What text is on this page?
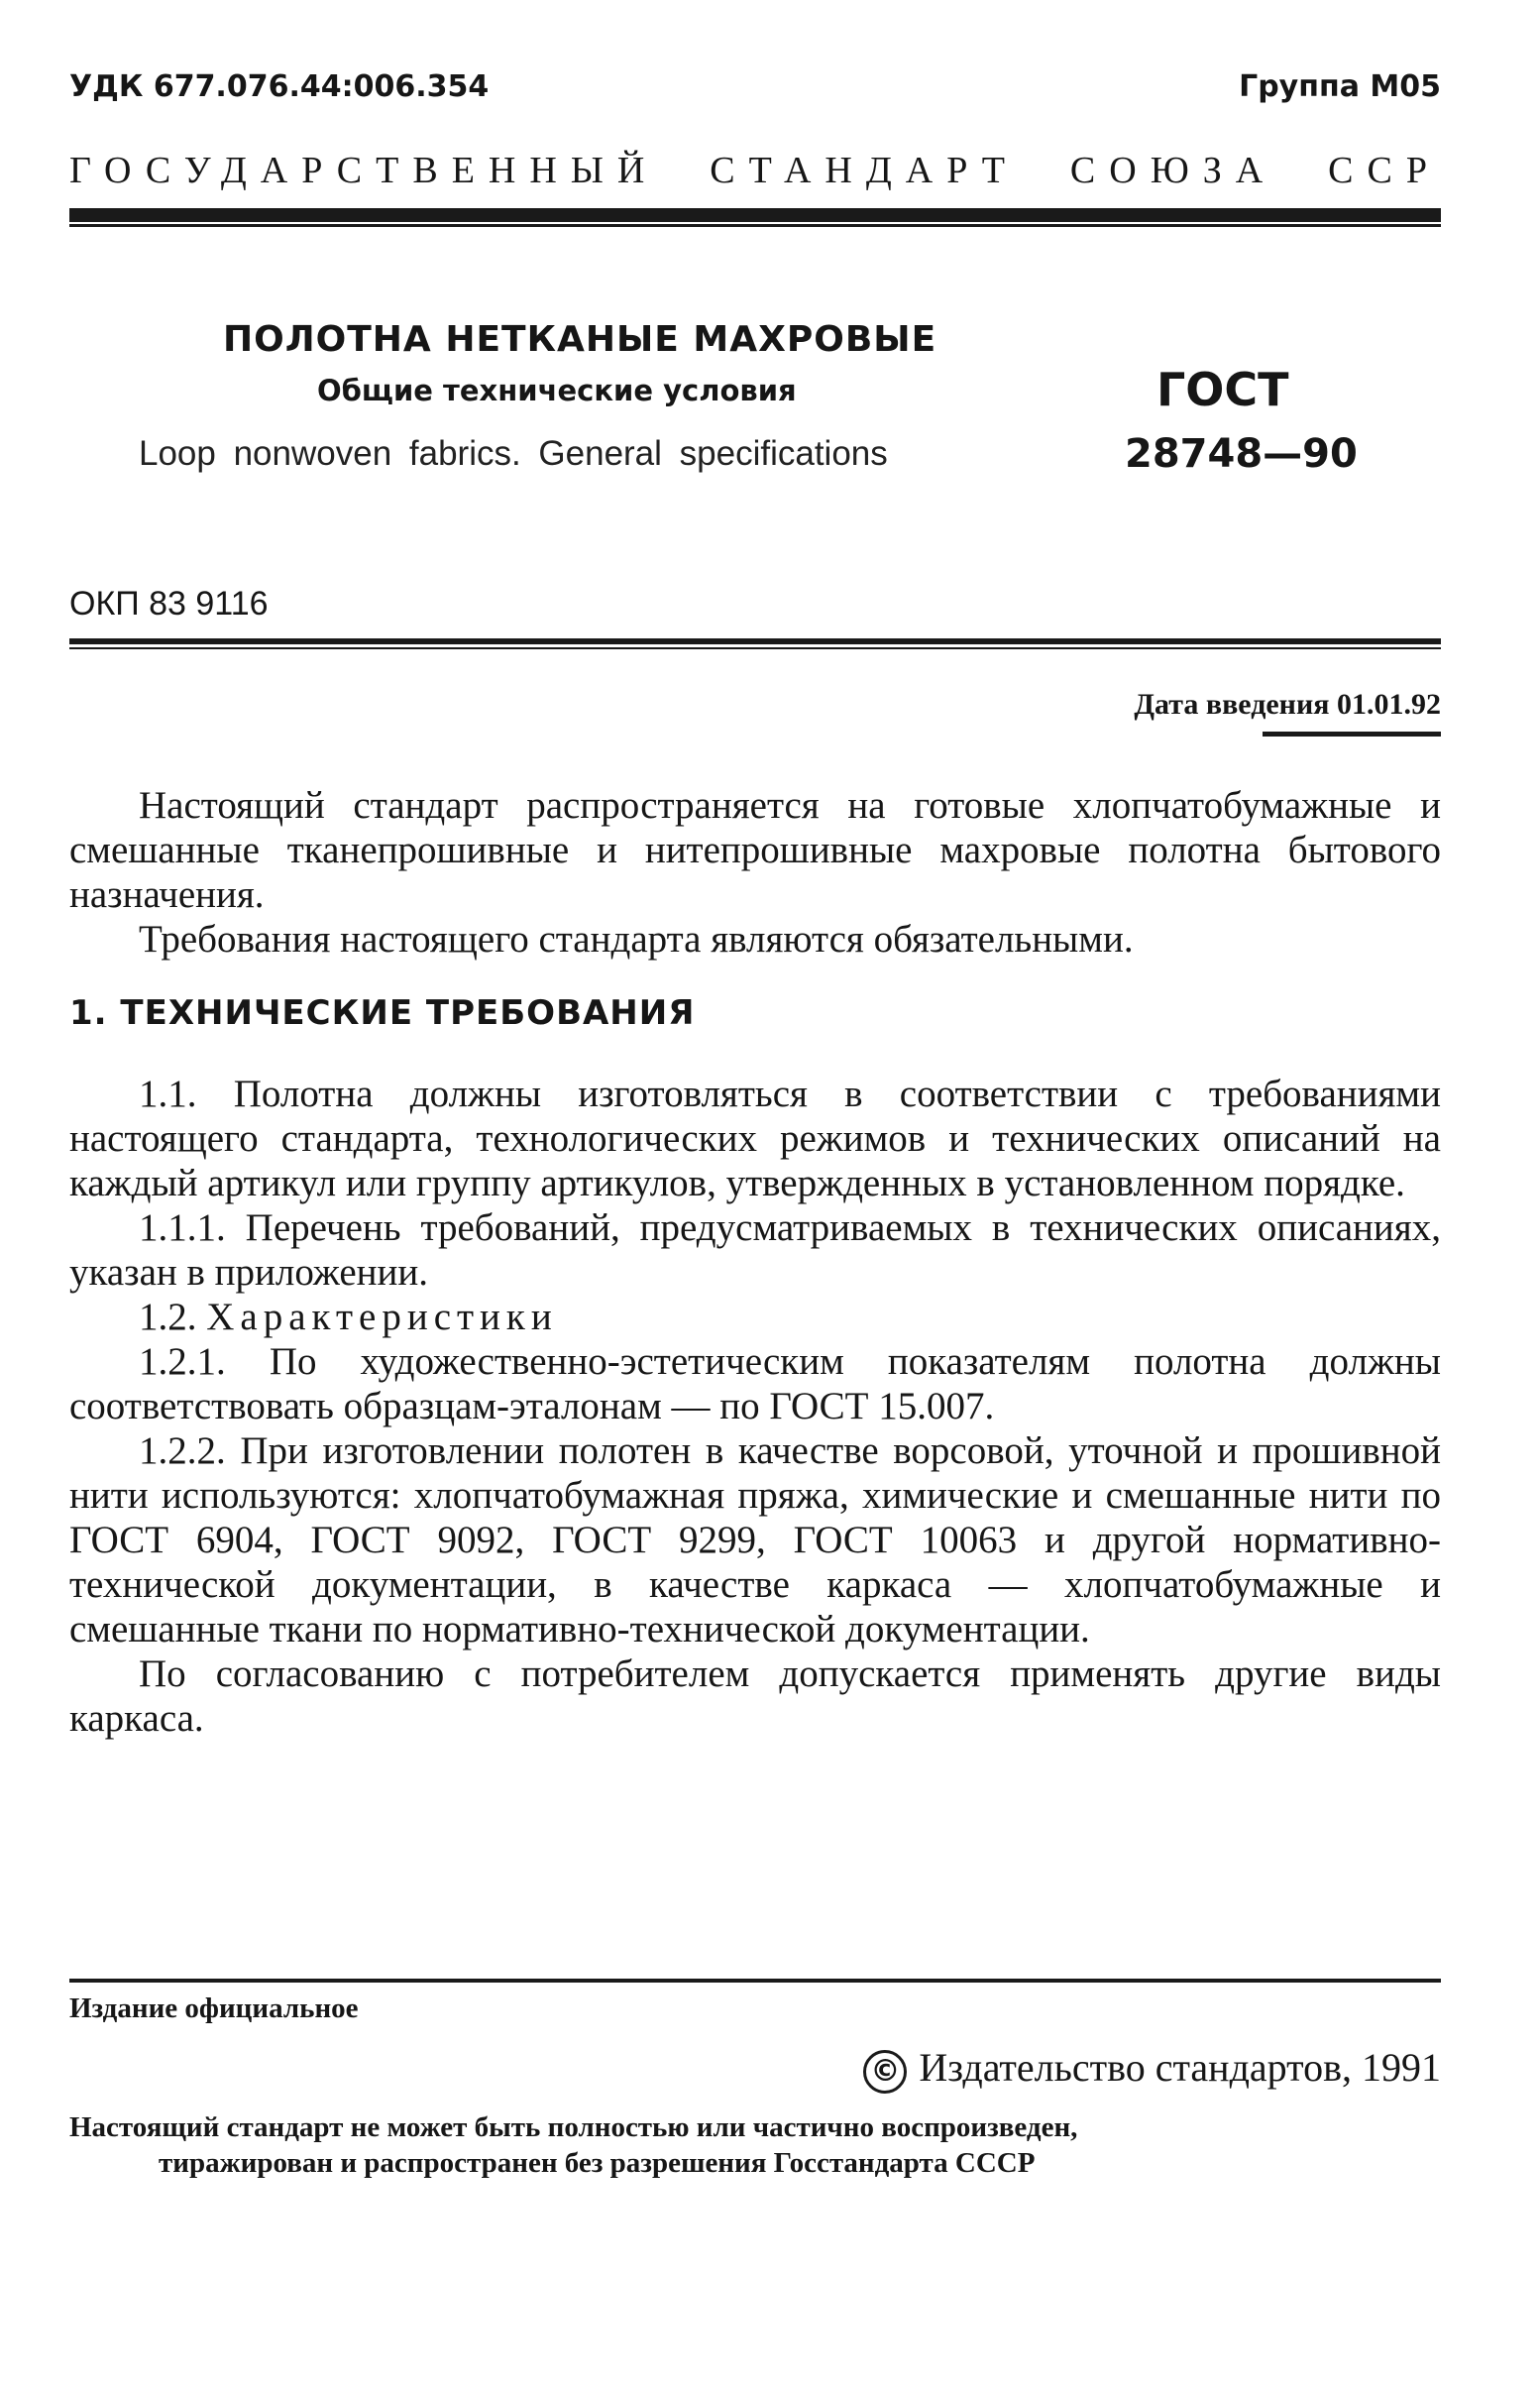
УДК 677.076.44:006.354	Группа М05
ГОСУДАРСТВЕННЫЙ СТАНДАРТ СОЮЗА ССР
ПОЛОТНА НЕТКАНЫЕ МАХРОВЫЕ
Общие технические условия
Loop nonwoven fabrics. General specifications
ГОСТ
28748—90
ОКП 83 9116
Дата введения 01.01.92

Настоящий стандарт распространяется на готовые хлопчатобумажные и смешанные тканепрошивные и нитепрошивные махровые полотна бытового назначения.

Требования настоящего стандарта являются обязательными.

1. ТЕХНИЧЕСКИЕ ТРЕБОВАНИЯ

1.1. Полотна должны изготовляться в соответствии с требованиями настоящего стандарта, технологических режимов и технических описаний на каждый артикул или группу артикулов, утвержденных в установленном порядке.

1.1.1. Перечень требований, предусматриваемых в технических описаниях, указан в приложении.

1.2. Характеристики

1.2.1. По художественно-эстетическим показателям полотна должны соответствовать образцам-эталонам — по ГОСТ 15.007.

1.2.2. При изготовлении полотен в качестве ворсовой, уточной и прошивной нити используются: хлопчатобумажная пряжа, химические и смешанные нити по ГОСТ 6904, ГОСТ 9092, ГОСТ 9299, ГОСТ 10063 и другой нормативно-технической документации, в качестве каркаса — хлопчатобумажные и смешанные ткани по нормативно-технической документации.

По согласованию с потребителем допускается применять другие виды каркаса.

Издание официальное
© Издательство стандартов, 1991
Настоящий стандарт не может быть полностью или частично воспроизведен,
тиражирован и распространен без разрешения Госстандарта СССР
